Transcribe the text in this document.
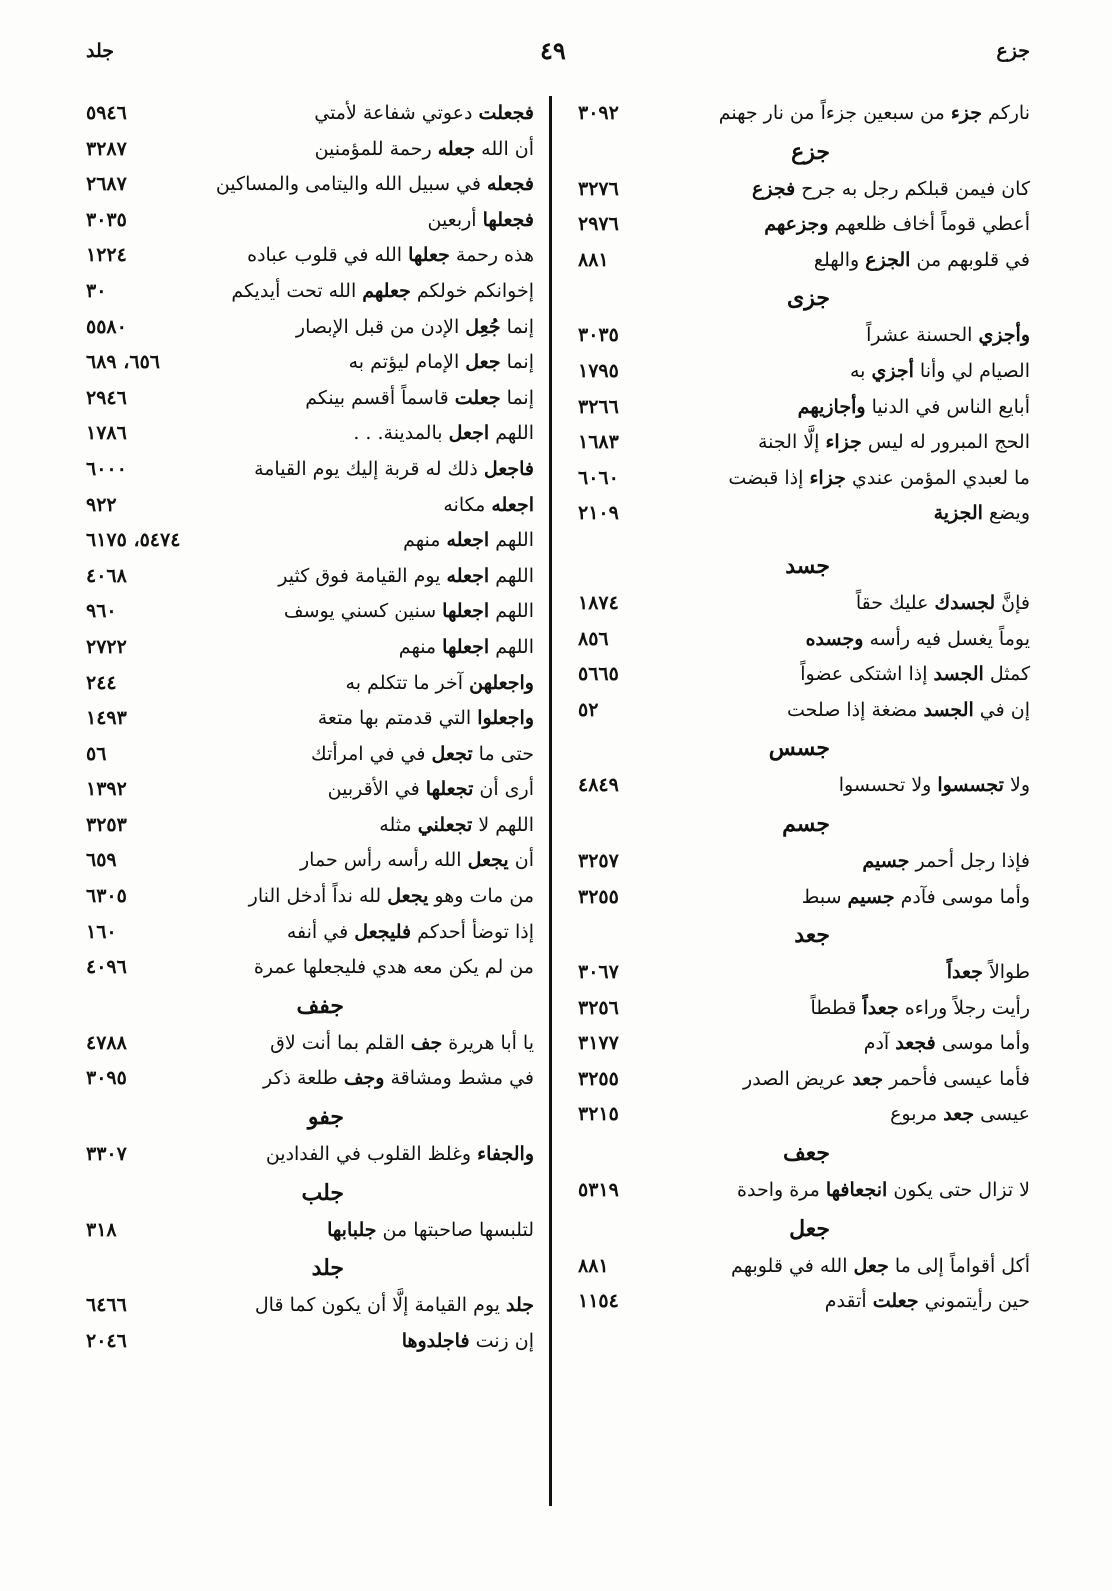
جزع
٤٩
جلد
ناركم جزء من سبعين جزءاً من نار جهنم
٣٠٩٢
جزع
كان فيمن قبلكم رجل به جرح فجزع
٣٢٧٦
أعطي قوماً أخاف ظلعهم وجزعهم
٢٩٧٦
في قلوبهم من الجزع والهلع
٨٨١
جزى
وأجزي الحسنة عشراً
٣٠٣٥
الصيام لي وأنا أجزي به
١٧٩٥
أبايع الناس في الدنيا وأجازيهم
٣٢٦٦
الحج المبرور له ليس جزاء إلَّا الجنة
١٦٨٣
ما لعبدي المؤمن عندي جزاء إذا قبضت
٦٠٦٠
ويضع الجزية
٢١٠٩
جسد
فإنَّ لجسدك عليك حقاً
١٨٧٤
يوماً يغسل فيه رأسه وجسده
٨٥٦
كمثل الجسد إذا اشتكى عضواً
٥٦٦٥
إن في الجسد مضغة إذا صلحت
٥٢
جسس
ولا تجسسوا ولا تحسسوا
٤٨٤٩
جسم
فإذا رجل أحمر جسيم
٣٢٥٧
وأما موسى فآدم جسيم سبط
٣٢٥٥
جعد
طوالاً جعداً
٣٠٦٧
رأيت رجلاً وراءه جعداً قططاً
٣٢٥٦
وأما موسى فجعد آدم
٣١٧٧
فأما عيسى فأحمر جعد عريض الصدر
٣٢٥٥
عيسى جعد مربوع
٣٢١٥
جعف
لا تزال حتى يكون انجعافها مرة واحدة
٥٣١٩
جعل
أكل أقواماً إلى ما جعل الله في قلوبهم
٨٨١
حين رأيتموني جعلت أتقدم
١١٥٤
فجعلت دعوتي شفاعة لأمتي
٥٩٤٦
أن الله جعله رحمة للمؤمنين
٣٢٨٧
فجعله في سبيل الله واليتامى والمساكين
٢٦٨٧
فجعلها أربعين
٣٠٣٥
هذه رحمة جعلها الله في قلوب عباده
١٢٢٤
إخوانكم خولكم جعلهم الله تحت أيديكم
٣٠
إنما جُعِل الإدن من قبل الإبصار
٥٥٨٠
إنما جعل الإمام ليؤتم به
٦٥٦، ٦٨٩
إنما جعلت قاسماً أقسم بينكم
٢٩٤٦
اللهم اجعل بالمدينة. . .
١٧٨٦
فاجعل ذلك له قربة إليك يوم القيامة
٦٠٠٠
اجعله مكانه
٩٢٢
اللهم اجعله منهم
٥٤٧٤، ٦١٧٥
اللهم اجعله يوم القيامة فوق كثير
٤٠٦٨
اللهم اجعلها سنين كسني يوسف
٩٦٠
اللهم اجعلها منهم
٢٧٢٢
واجعلهن آخر ما تتكلم به
٢٤٤
واجعلوا التي قدمتم بها متعة
١٤٩٣
حتى ما تجعل في في امرأتك
٥٦
أرى أن تجعلها في الأقربين
١٣٩٢
اللهم لا تجعلني مثله
٣٢٥٣
أن يجعل الله رأسه رأس حمار
٦٥٩
من مات وهو يجعل لله نداً أدخل النار
٦٣٠٥
إذا توضأ أحدكم فليجعل في أنفه
١٦٠
من لم يكن معه هدي فليجعلها عمرة
٤٠٩٦
جفف
يا أبا هريرة جف القلم بما أنت لاق
٤٧٨٨
في مشط ومشاقة وجف طلعة ذكر
٣٠٩٥
جفو
والجفاء وغلظ القلوب في الفدادين
٣٣٠٧
جلب
لتلبسها صاحبتها من جلبابها
٣١٨
جلد
جلد يوم القيامة إلَّا أن يكون كما قال
٦٤٦٦
إن زنت فاجلدوها
٢٠٤٦
